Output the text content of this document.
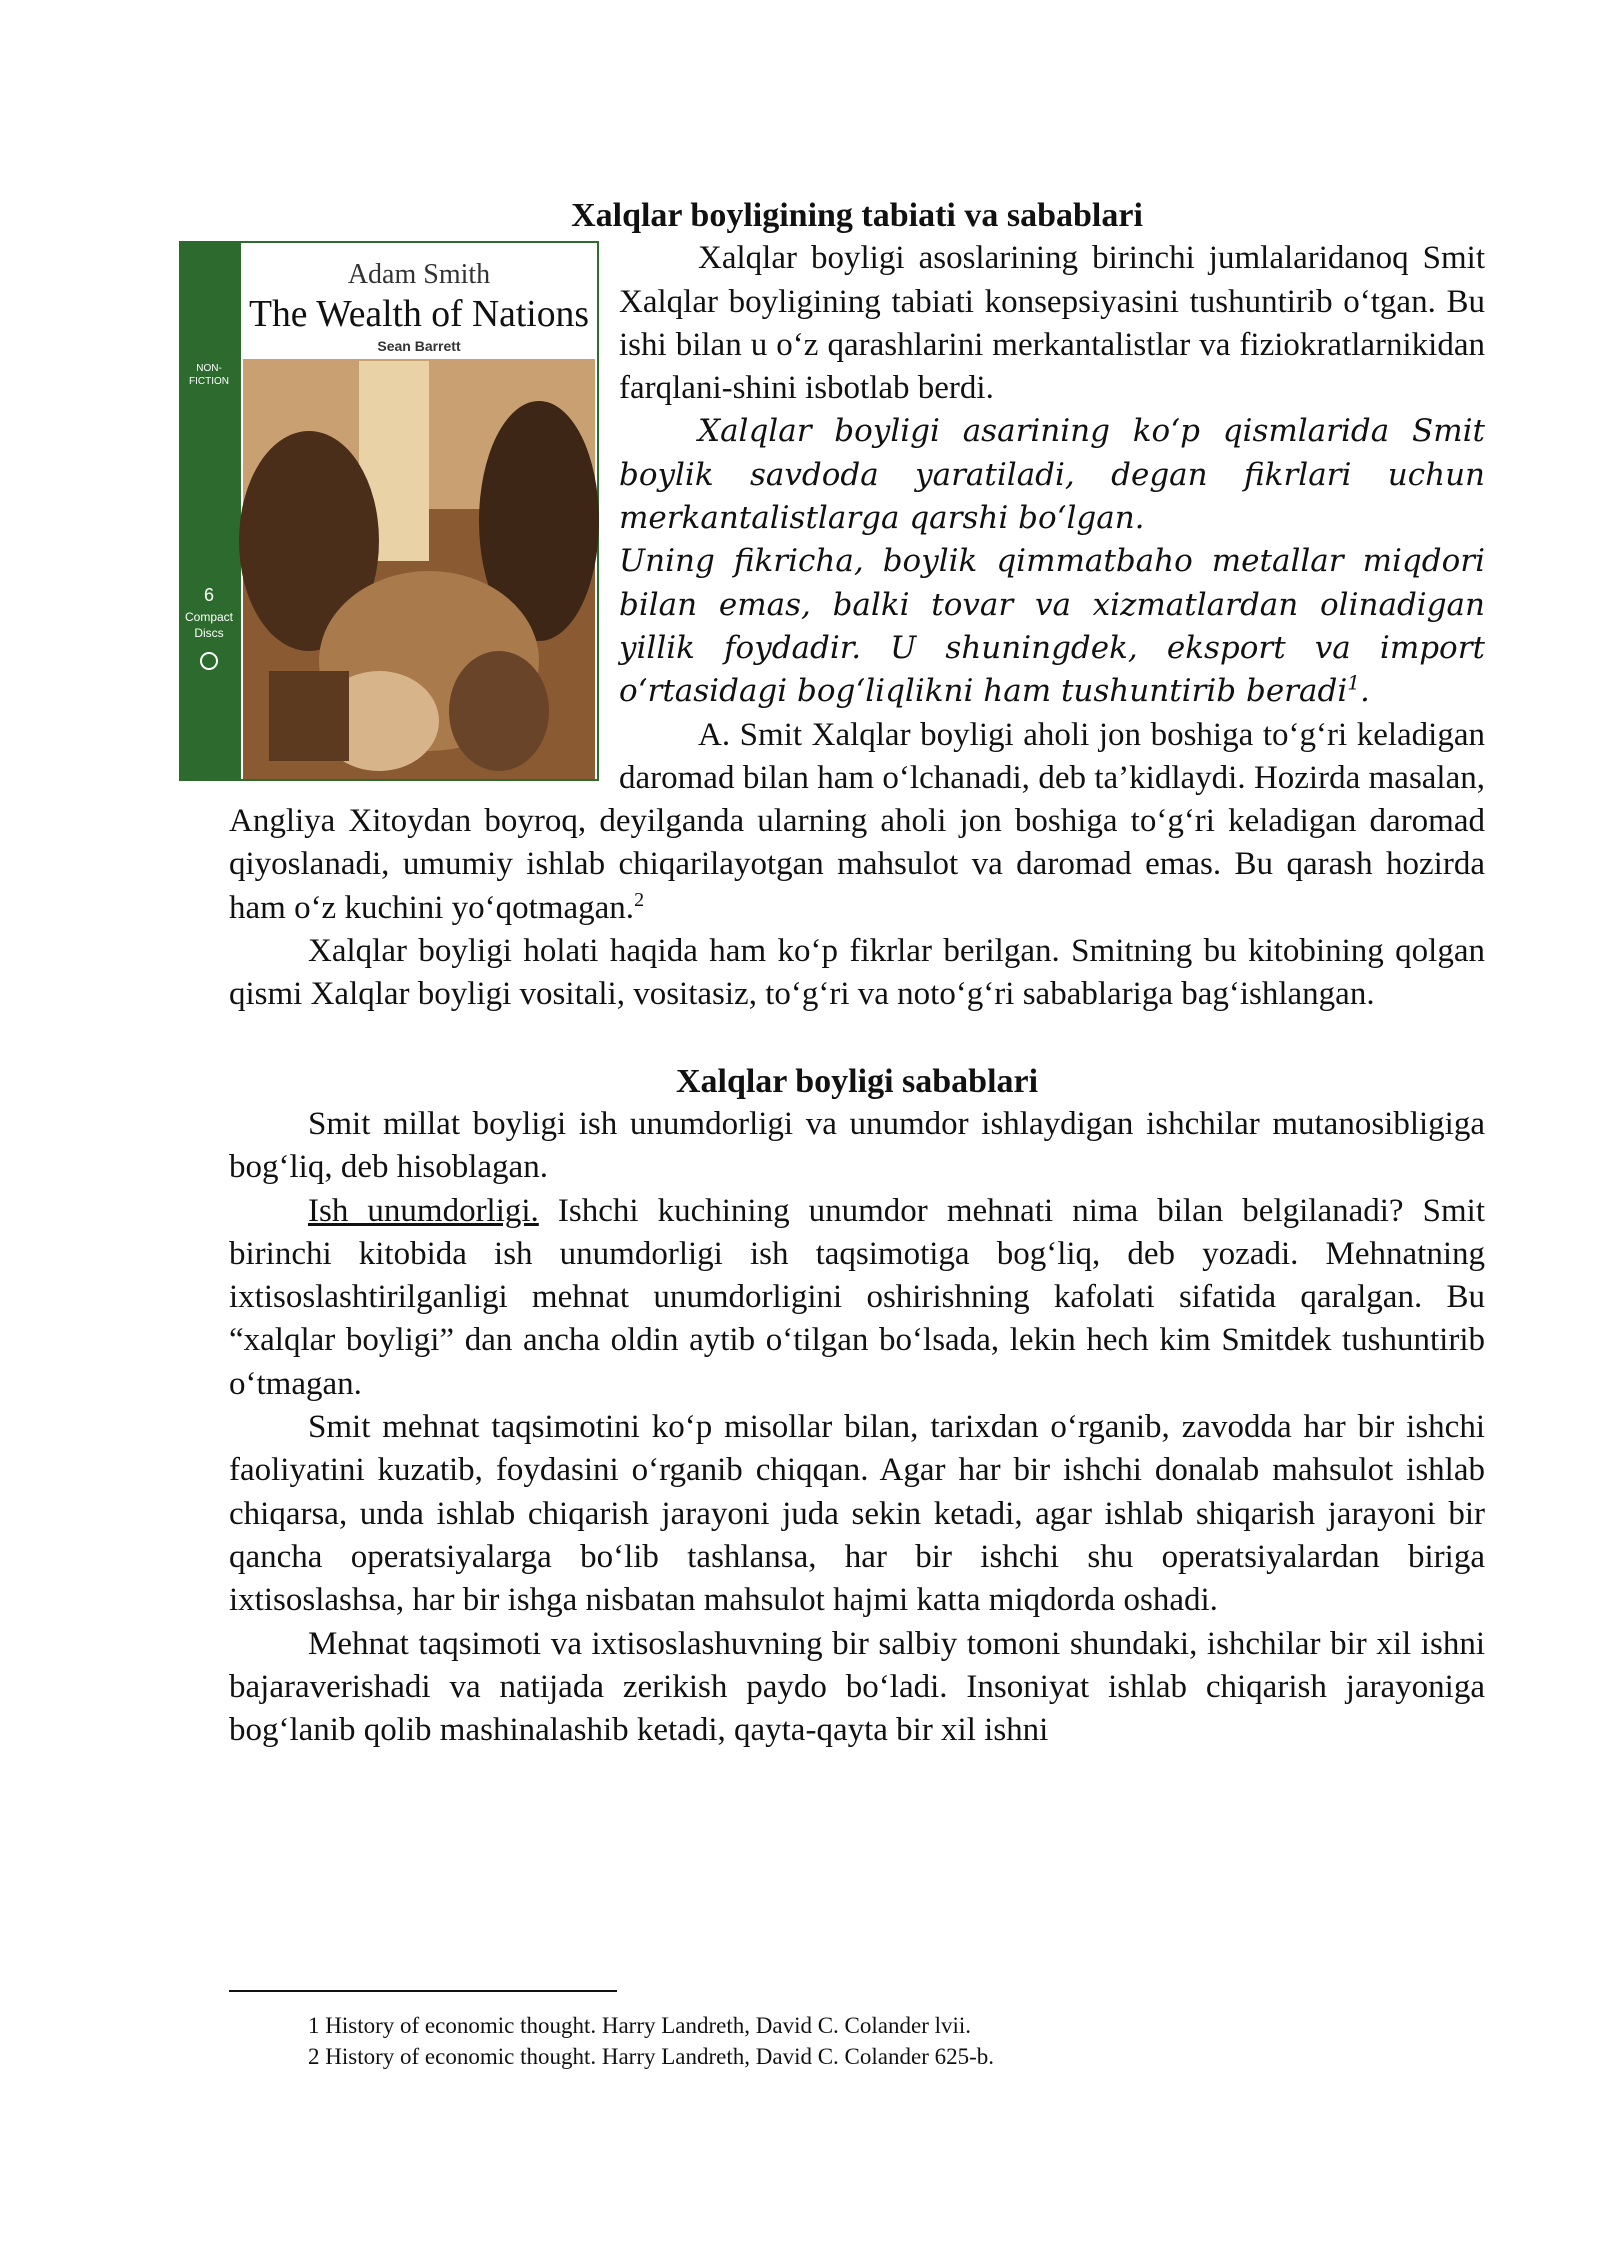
Xalqlar boyligining tabiati va sabablari
Adam Smith
The Wealth of Nations
Sean Barrett
NON-
FICTION
6
Compact
Discs

Xalqlar boyligi asoslarining birinchi jumlalaridanoq Smit Xalqlar boyligining tabiati konsepsiyasini tushuntirib o‘tgan. Bu ishi bilan u o‘z qarashlarini merkantalistlar va fiziokratlarnikidan farqlani-shini isbotlab berdi.

Xalqlar boyligi asarining ko‘p qismlarida Smit boylik savdoda yaratiladi, degan fikrlari uchun merkantalistlarga qarshi bo‘lgan.

Uning fikricha, boylik qimmatbaho metallar miqdori bilan emas, balki tovar va xizmatlardan olinadigan yillik foydadir. U shuningdek, eksport va import o‘rtasidagi bog‘liqlikni ham tushuntirib beradi$^1$.

A. Smit Xalqlar boyligi aholi jon boshiga to‘g‘ri keladigan daromad bilan ham o‘lchanadi, deb ta’kidlaydi. Hozirda masalan, Angliya Xitoydan boyroq, deyilganda ularning aholi jon boshiga to‘g‘ri keladigan daromad qiyoslanadi, umumiy ishlab chiqarilayotgan mahsulot va daromad emas. Bu qarash hozirda ham o‘z kuchini yo‘qotmagan.$^2$

Xalqlar boyligi holati haqida ham ko‘p fikrlar berilgan. Smitning bu kitobining qolgan qismi Xalqlar boyligi vositali, vositasiz, to‘g‘ri va noto‘g‘ri sabablariga bag‘ishlangan.

Xalqlar boyligi sabablari

Smit millat boyligi ish unumdorligi va unumdor ishlaydigan ishchilar mutanosibligiga bog‘liq, deb hisoblagan.

Ish unumdorligi. Ishchi kuchining unumdor mehnati nima bilan belgilanadi? Smit birinchi kitobida ish unumdorligi ish taqsimotiga bog‘liq, deb yozadi. Mehnatning ixtisoslashtirilganligi mehnat unumdorligini oshirishning kafolati sifatida qaralgan. Bu “xalqlar boyligi” dan ancha oldin aytib o‘tilgan bo‘lsada, lekin hech kim Smitdek tushuntirib o‘tmagan.

Smit mehnat taqsimotini ko‘p misollar bilan, tarixdan o‘rganib, zavodda har bir ishchi faoliyatini kuzatib, foydasini o‘rganib chiqqan. Agar har bir ishchi donalab mahsulot ishlab chiqarsa, unda ishlab chiqarish jarayoni juda sekin ketadi, agar ishlab shiqarish jarayoni bir qancha operatsiyalarga bo‘lib tashlansa, har bir ishchi shu operatsiyalardan biriga ixtisoslashsa, har bir ishga nisbatan mahsulot hajmi katta miqdorda oshadi.

Mehnat taqsimoti va ixtisoslashuvning bir salbiy tomoni shundaki, ishchilar bir xil ishni bajaraverishadi va natijada zerikish paydo bo‘ladi. Insoniyat ishlab chiqarish jarayoniga bog‘lanib qolib mashinalashib ketadi, qayta-qayta bir xil ishni

1 History of economic thought. Harry Landreth, David C. Colander lvii.

2 History of economic thought. Harry Landreth, David C. Colander 625-b.
